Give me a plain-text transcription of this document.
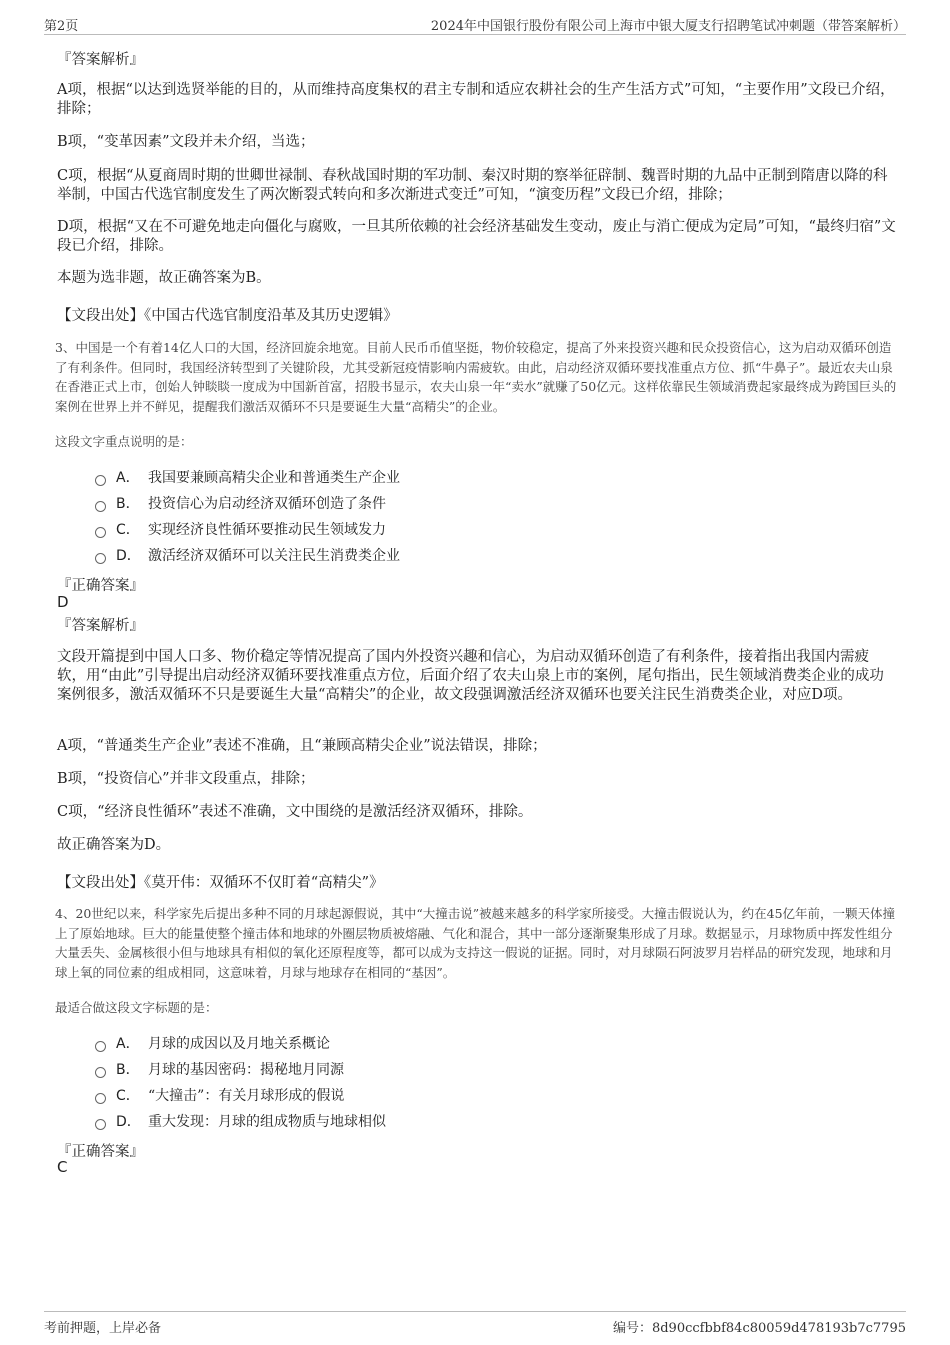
第2页	2024年中国银行股份有限公司上海市中银大厦支行招聘笔试冲刺题（带答案解析）
『答案解析』
A项，根据“以达到选贤举能的目的，从而维持高度集权的君主专制和适应农耕社会的生产生活方式”可知，“主要作用”文段已介绍，排除；
B项，“变革因素”文段并未介绍，当选；
C项，根据“从夏商周时期的世卿世禄制、春秋战国时期的军功制、秦汉时期的察举征辟制、魏晋时期的九品中正制到隋唐以降的科举制，中国古代选官制度发生了两次断裂式转向和多次渐进式变迁”可知，“演变历程”文段已介绍，排除；
D项，根据“又在不可避免地走向僵化与腐败，一旦其所依赖的社会经济基础发生变动，废止与消亡便成为定局”可知，“最终归宿”文段已介绍，排除。
本题为选非题，故正确答案为B。
【文段出处】《中国古代选官制度沿革及其历史逻辑》
3、中国是一个有着14亿人口的大国，经济回旋余地宽。目前人民币币值坚挺，物价较稳定，提高了外来投资兴趣和民众投资信心，这为启动双循环创造了有利条件。但同时，我国经济转型到了关键阶段，尤其受新冠疫情影响内需疲软。由此，启动经济双循环要找准重点方位、抓“牛鼻子”。最近农夫山泉在香港正式上市，创始人钟睒睒一度成为中国新首富，招股书显示，农夫山泉一年“卖水”就赚了50亿元。这样依靠民生领域消费起家最终成为跨国巨头的案例在世界上并不鲜见，提醒我们激活双循环不只是要诞生大量“高精尖”的企业。
这段文字重点说明的是：
A． 我国要兼顾高精尖企业和普通类生产企业
B． 投资信心为启动经济双循环创造了条件
C． 实现经济良性循环要推动民生领域发力
D． 激活经济双循环可以关注民生消费类企业
『正确答案』
D
『答案解析』
文段开篇提到中国人口多、物价稳定等情况提高了国内外投资兴趣和信心，为启动双循环创造了有利条件，接着指出我国内需疲软，用“由此”引导提出启动经济双循环要找准重点方位，后面介绍了农夫山泉上市的案例，尾句指出，民生领域消费类企业的成功案例很多，激活双循环不只是要诞生大量“高精尖”的企业，故文段强调激活经济双循环也要关注民生消费类企业，对应D项。
A项，“普通类生产企业”表述不准确，且“兼顾高精尖企业”说法错误，排除；
B项，“投资信心”并非文段重点，排除；
C项，“经济良性循环”表述不准确，文中围绕的是激活经济双循环，排除。
故正确答案为D。
【文段出处】《莫开伟：双循环不仅盯着“高精尖”》
4、20世纪以来，科学家先后提出多种不同的月球起源假说，其中“大撞击说”被越来越多的科学家所接受。大撞击假说认为，约在45亿年前，一颗天体撞上了原始地球。巨大的能量使整个撞击体和地球的外圈层物质被熔融、气化和混合，其中一部分逐渐聚集形成了月球。数据显示，月球物质中挥发性组分大量丢失、金属核很小但与地球具有相似的氧化还原程度等，都可以成为支持这一假说的证据。同时，对月球陨石阿波罗月岩样品的研究发现，地球和月球上氧的同位素的组成相同，这意味着，月球与地球存在相同的“基因”。
最适合做这段文字标题的是：
A． 月球的成因以及月地关系概论
B． 月球的基因密码：揭秘地月同源
C． “大撞击”：有关月球形成的假说
D． 重大发现：月球的组成物质与地球相似
『正确答案』
C
考前押题，上岸必备	编号：8d90ccfbbf84c80059d478193b7c7795
